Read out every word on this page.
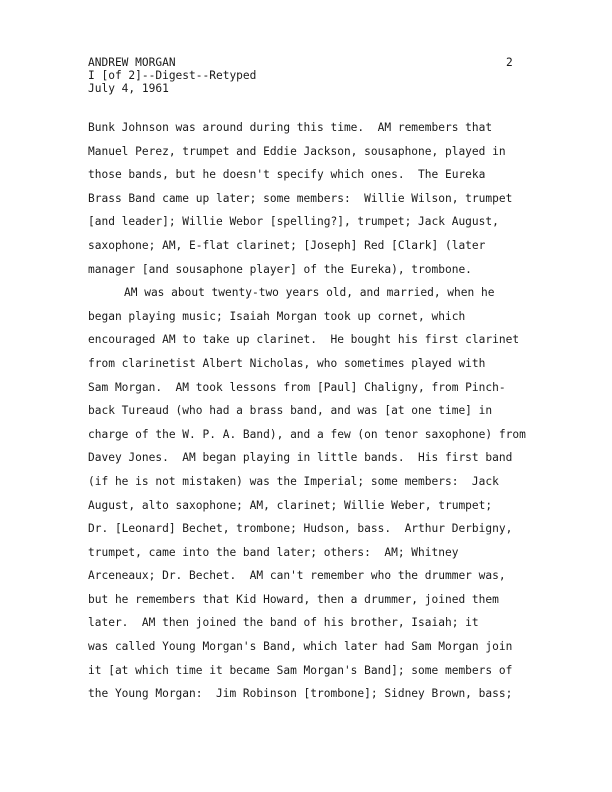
ANDREW MORGAN
I [of 2]--Digest--Retyped
July 4, 1961
2
Bunk Johnson was around during this time.  AM remembers that
Manuel Perez, trumpet and Eddie Jackson, sousaphone, played in
those bands, but he doesn't specify which ones.  The Eureka
Brass Band came up later; some members:  Willie Wilson, trumpet
[and leader]; Willie Webor [spelling?], trumpet; Jack August,
saxophone; AM, E-flat clarinet; [Joseph] Red [Clark] (later
manager [and sousaphone player] of the Eureka), trombone.
AM was about twenty-two years old, and married, when he
began playing music; Isaiah Morgan took up cornet, which
encouraged AM to take up clarinet.  He bought his first clarinet
from clarinetist Albert Nicholas, who sometimes played with
Sam Morgan.  AM took lessons from [Paul] Chaligny, from Pinch-
back Tureaud (who had a brass band, and was [at one time] in
charge of the W. P. A. Band), and a few (on tenor saxophone) from
Davey Jones.  AM began playing in little bands.  His first band
(if he is not mistaken) was the Imperial; some members:  Jack
August, alto saxophone; AM, clarinet; Willie Weber, trumpet;
Dr. [Leonard] Bechet, trombone; Hudson, bass.  Arthur Derbigny,
trumpet, came into the band later; others:  AM; Whitney
Arceneaux; Dr. Bechet.  AM can't remember who the drummer was,
but he remembers that Kid Howard, then a drummer, joined them
later.  AM then joined the band of his brother, Isaiah; it
was called Young Morgan's Band, which later had Sam Morgan join
it [at which time it became Sam Morgan's Band]; some members of
the Young Morgan:  Jim Robinson [trombone]; Sidney Brown, bass;
